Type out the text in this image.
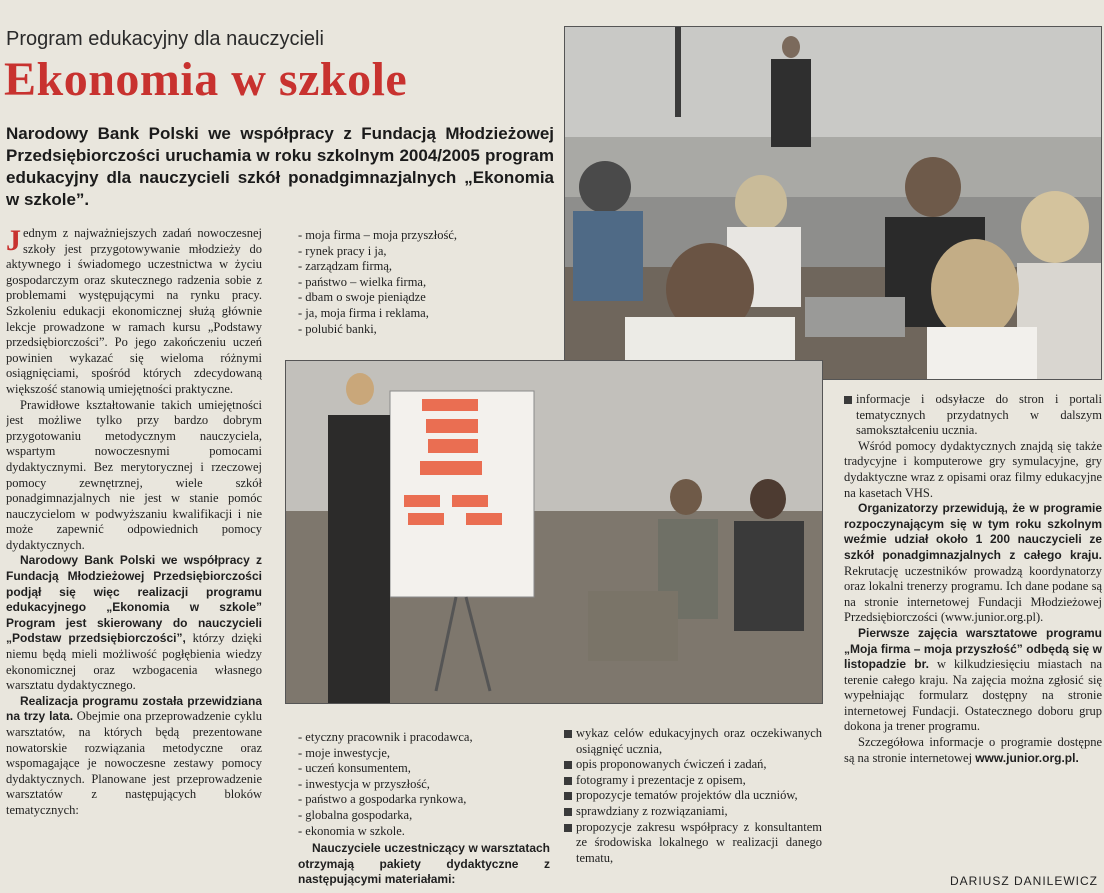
Program edukacyjny dla nauczycieli
Ekonomia w szkole
Narodowy Bank Polski we współpracy z Fundacją Młodzieżowej Przedsiębiorczości uruchamia w roku szkolnym 2004/2005 program edukacyjny dla nauczycieli szkół ponadgimnazjalnych „Ekonomia w szkole”.

Jednym z najważniejszych zadań nowoczesnej szkoły jest przygotowywanie młodzieży do aktywnego i świadomego uczestnictwa w życiu gospodarczym oraz skutecznego radzenia sobie z problemami występującymi na rynku pracy. Szkoleniu edukacji ekonomicznej służą głównie lekcje prowadzone w ramach kursu „Podstawy przedsiębiorczości”. Po jego zakończeniu uczeń powinien wykazać się wieloma różnymi osiągnięciami, spośród których zdecydowaną większość stanowią umiejętności praktyczne.

Prawidłowe kształtowanie takich umiejętności jest możliwe tylko przy bardzo dobrym przygotowaniu metodycznym nauczyciela, wspartym nowoczesnymi pomocami dydaktycznymi. Bez merytorycznej i rzeczowej pomocy zewnętrznej, wiele szkół ponadgimnazjalnych nie jest w stanie pomóc nauczycielom w podwyższaniu kwalifikacji i nie może zapewnić odpowiednich pomocy dydaktycznych.

Narodowy Bank Polski we współpracy z Fundacją Młodzieżowej Przedsiębiorczości podjął się więc realizacji programu edukacyjnego „Ekonomia w szkole” Program jest skierowany do nauczycieli „Podstaw przedsiębiorczości”, którzy dzięki niemu będą mieli możliwość pogłębienia wiedzy ekonomicznej oraz wzbogacenia własnego warsztatu dydaktycznego.

Realizacja programu została przewidziana na trzy lata. Obejmie ona przeprowadzenie cyklu warsztatów, na których będą prezentowane nowatorskie rozwiązania metodyczne oraz wspomagające je nowoczesne zestawy pomocy dydaktycznych. Planowane jest przeprowadzenie warsztatów z następujących bloków tematycznych:

- moja firma – moja przyszłość,
- rynek pracy i ja,
- zarządzam firmą,
- państwo – wielka firma,
- dbam o swoje pieniądze
- ja, moja firma i reklama,
- polubić banki,
- etyczny pracownik i pracodawca,
- moje inwestycje,
- uczeń konsumentem,
- inwestycja w przyszłość,
- państwo a gospodarka rynkowa,
- globalna gospodarka,
- ekonomia w szkole.

Nauczyciele uczestniczący w warsztatach otrzymają pakiety dydaktyczne z następującymi materiałami:

wykaz celów edukacyjnych oraz oczekiwanych osiągnięć ucznia,
opis proponowanych ćwiczeń i zadań,
fotogramy i prezentacje z opisem,
propozycje tematów projektów dla uczniów,
sprawdziany z rozwiązaniami,
propozycje zakresu współpracy z konsultantem ze środowiska lokalnego w realizacji danego tematu,
informacje i odsyłacze do stron i portali tematycznych przydatnych w dalszym samokształceniu ucznia.

Wśród pomocy dydaktycznych znajdą się także tradycyjne i komputerowe gry symulacyjne, gry dydaktyczne wraz z opisami oraz filmy edukacyjne na kasetach VHS.

Organizatorzy przewidują, że w programie rozpoczynającym się w tym roku szkolnym weźmie udział około 1 200 nauczycieli ze szkół ponadgimnazjalnych z całego kraju. Rekrutację uczestników prowadzą koordynatorzy oraz lokalni trenerzy programu. Ich dane podane są na stronie internetowej Fundacji Młodzieżowej Przedsiębiorczości (www.junior.org.pl).

Pierwsze zajęcia warsztatowe programu „Moja firma – moja przyszłość” odbędą się w listopadzie br. w kilkudziesięciu miastach na terenie całego kraju. Na zajęcia można zgłosić się wypełniając formularz dostępny na stronie internetowej Fundacji. Ostatecznego doboru grup dokona ja trener programu.

Szczegółowa informacje o programie dostępne są na stronie internetowej www.junior.org.pl.

DARIUSZ DANILEWICZ
